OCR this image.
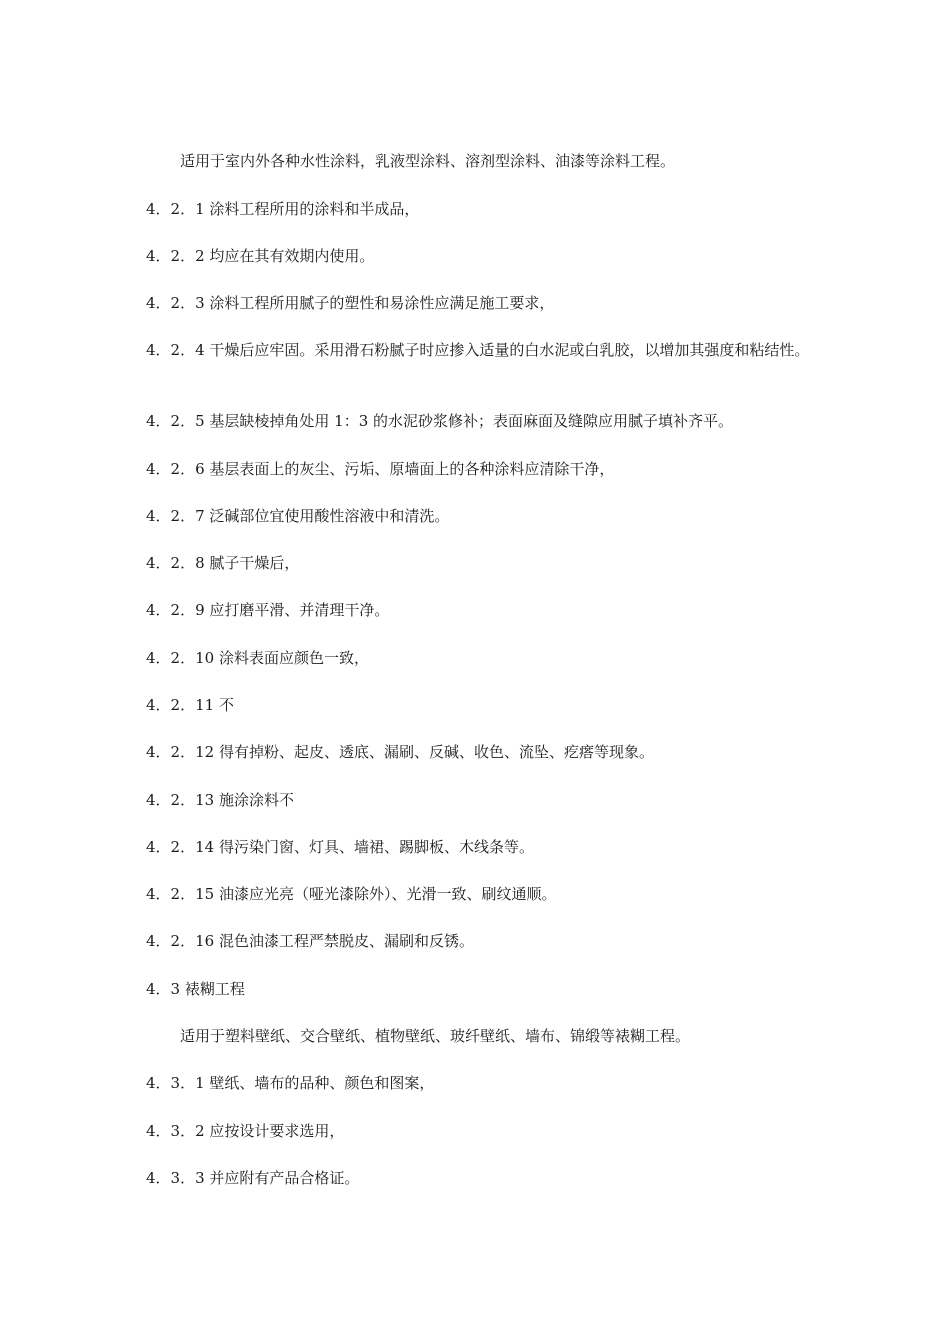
适用于室内外各种水性涂料，乳液型涂料、溶剂型涂料、油漆等涂料工程。

4．2．1 涂料工程所用的涂料和半成品，

4．2．2 均应在其有效期内使用。

4．2．3 涂料工程所用腻子的塑性和易涂性应满足施工要求，

4．2．4 干燥后应牢固。采用滑石粉腻子时应掺入适量的白水泥或白乳胶，以增加其强度和粘结性。

4．2．5 基层缺棱掉角处用 1：3 的水泥砂浆修补；表面麻面及缝隙应用腻子填补齐平。

4．2．6 基层表面上的灰尘、污垢、原墙面上的各种涂料应清除干净，

4．2．7 泛碱部位宜使用酸性溶液中和清洗。

4．2．8 腻子干燥后，

4．2．9 应打磨平滑、并清理干净。

4．2．10 涂料表面应颜色一致，

4．2．11 不

4．2．12 得有掉粉、起皮、透底、漏刷、反碱、收色、流坠、疙瘩等现象。

4．2．13 施涂涂料不

4．2．14 得污染门窗、灯具、墙裙、踢脚板、木线条等。

4．2．15 油漆应光亮（哑光漆除外）、光滑一致、刷纹通顺。

4．2．16 混色油漆工程严禁脱皮、漏刷和反锈。

4．3 裱糊工程

适用于塑料壁纸、交合壁纸、植物壁纸、玻纤壁纸、墙布、锦缎等裱糊工程。

4．3．1 壁纸、墙布的品种、颜色和图案，

4．3．2 应按设计要求选用，

4．3．3 并应附有产品合格证。
